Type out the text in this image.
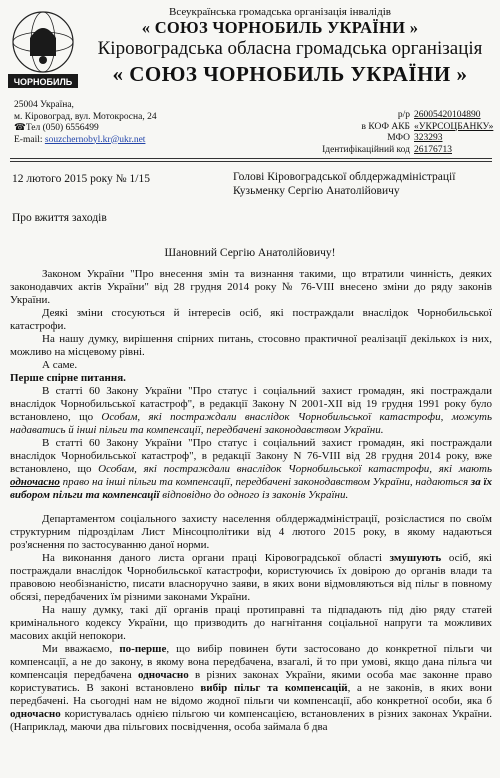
ЧОРНОБИЛЬ
Всеукраїнська громадська організація інвалідів
« СОЮЗ ЧОРНОБИЛЬ УКРАЇНИ »
Кіровоградська обласна громадська організація
« СОЮЗ ЧОРНОБИЛЬ УКРАЇНИ »
25004 Україна,
м. Кіровоград, вул. Мотокросна, 24
☎Тел (050) 6556499
E-mail: souzchernobyl.kr@ukr.net
р/р 26005420104890
в КОФ АКБ «УКРСОЦБАНКУ»
МФО 323293
Ідентифікаційний код 26176713
12 лютого 2015 року № 1/15	Голові Кіровоградської облдержадміністрації
Кузьменку Сергію Анатолійовичу
Про вжиття заходів
Шановний Сергію Анатолійовичу!

Законом України "Про внесення змін та визнання такими, що втратили чинність, деяких законодавчих актів України" від 28 грудня 2014 року № 76-VIII внесено зміни до ряду законів України.

Деякі зміни стосуються й інтересів осіб, які постраждали внаслідок Чорнобильської катастрофи.

На нашу думку, вирішення спірних питань, стосовно практичної реалізації декількох із них, можливо на місцевому рівні.

А саме.

Перше спірне питання.

В статті 60 Закону України "Про статус і соціальний захист громадян, які постраждали внаслідок Чорнобильської катастроф", в редакції Закону N 2001-XII від 19 грудня 1991 року було встановлено, що Особам, які постраждали внаслідок Чорнобильської катастрофи, можуть надаватись й інші пільги та компенсації, передбачені законодавством України.

В статті 60 Закону України "Про статус і соціальний захист громадян, які постраждали внаслідок Чорнобильської катастроф", в редакції Закону N 76-VIII від 28 грудня 2014 року, вже встановлено, що Особам, які постраждали внаслідок Чорнобильської катастрофи, які мають одночасно право на інші пільги та компенсації, передбачені законодавством України, надаються за їх вибором пільги та компенсації відповідно до одного із законів України.

Департаментом соціального захисту населення облдержадміністрації, розісластися по своїм структурним підрозділам Лист Мінсоцполітики від 4 лютого 2015 року, в якому надаються роз'яснення по застосуванню даної норми.

На виконання даного листа органи праці Кіровоградської області змушують осіб, які постраждали внаслідок Чорнобильської катастрофи, користуючись їх довірою до органів влади та правовою необізнаністю, писати власноручно заяви, в яких вони відмовляються від пільг в повному обсязі, передбачених їм різними законами України.

На нашу думку, такі дії органів праці протиправні та підпадають під дію ряду статей кримінального кодексу України, що призводить до нагнітання соціальної напруги та можливих масових акцій непокори.

Ми вважаємо, по-перше, що вибір повинен бути застосовано до конкретної пільги чи компенсації, а не до закону, в якому вона передбачена, взагалі, й то при умові, якщо дана пільга чи компенсація передбачена одночасно в різних законах України, якими особа має законне право користуватись. В законі встановлено вибір пільг та компенсацій, а не законів, в яких вони передбачені. На сьогодні нам не відомо жодної пільги чи компенсації, або конкретної особи, яка б одночасно користувалась однією пільгою чи компенсацією, встановлених в різних законах України. (Наприклад, маючи два пільгових посвідчення, особа займала б два
